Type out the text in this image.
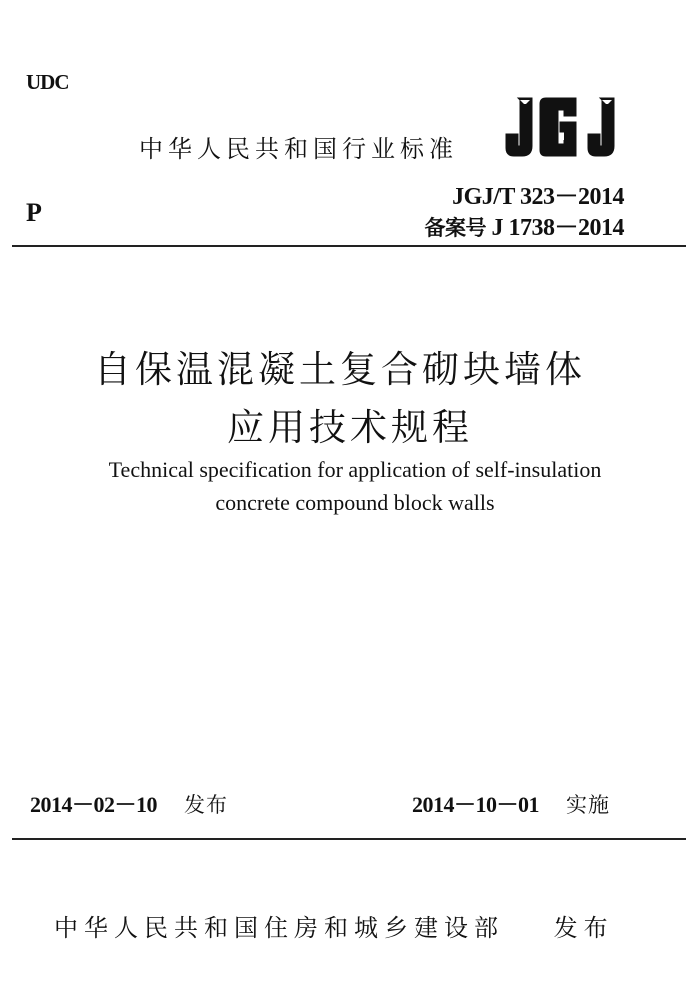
UDC
中华人民共和国行业标准
P
JGJ/T 323－2014
备案号 J 1738－2014
自保温混凝土复合砌块墙体
应用技术规程
Technical specification for application of self-insulation
concrete compound block walls
2014－02－10 发布	2014－10－01 实施
中华人民共和国住房和城乡建设部 发布
